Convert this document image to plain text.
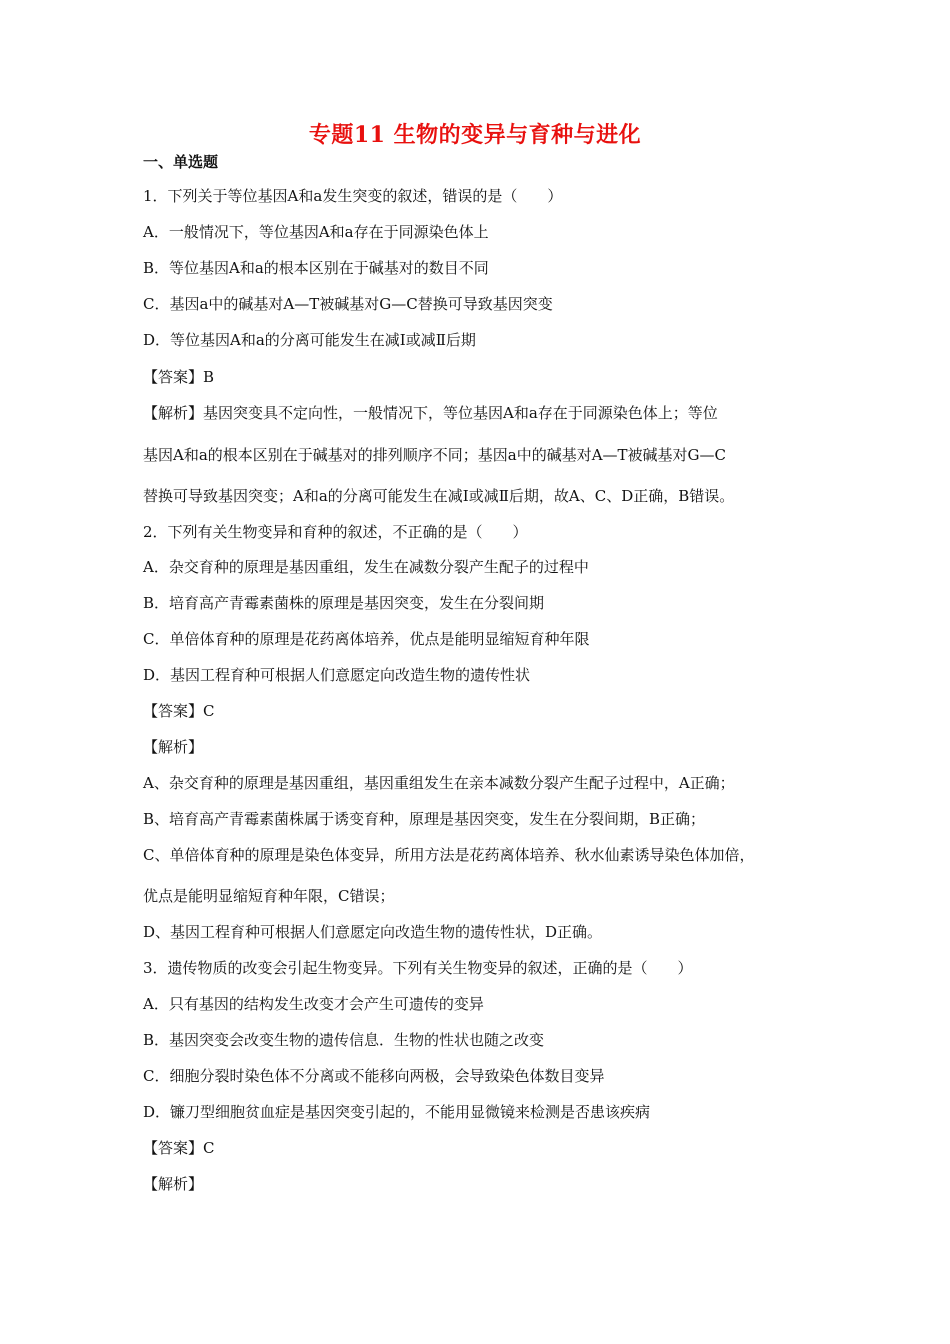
专题11 生物的变异与育种与进化
一、单选题
1．下列关于等位基因A和a发生突变的叙述，错误的是（　　）
A．一般情况下，等位基因A和a存在于同源染色体上
B．等位基因A和a的根本区别在于碱基对的数目不同
C．基因a中的碱基对A—T被碱基对G—C替换可导致基因突变
D．等位基因A和a的分离可能发生在减Ⅰ或减Ⅱ后期
【答案】B
【解析】基因突变具不定向性，一般情况下，等位基因A和a存在于同源染色体上；等位
基因A和a的根本区别在于碱基对的排列顺序不同；基因a中的碱基对A—T被碱基对G—C
替换可导致基因突变；A和a的分离可能发生在减Ⅰ或减Ⅱ后期，故A、C、D正确，B错误。
2．下列有关生物变异和育种的叙述，不正确的是（　　）
A．杂交育种的原理是基因重组，发生在减数分裂产生配子的过程中
B．培育高产青霉素菌株的原理是基因突变，发生在分裂间期
C．单倍体育种的原理是花药离体培养，优点是能明显缩短育种年限
D．基因工程育种可根据人们意愿定向改造生物的遗传性状
【答案】C
【解析】
A、杂交育种的原理是基因重组，基因重组发生在亲本减数分裂产生配子过程中，A正确；
B、培育高产青霉素菌株属于诱变育种，原理是基因突变，发生在分裂间期，B正确；
C、单倍体育种的原理是染色体变异，所用方法是花药离体培养、秋水仙素诱导染色体加倍，
优点是能明显缩短育种年限，C错误；
D、基因工程育种可根据人们意愿定向改造生物的遗传性状，D正确。
3．遗传物质的改变会引起生物变异。下列有关生物变异的叙述，正确的是（　　）
A．只有基因的结构发生改变才会产生可遗传的变异
B．基因突变会改变生物的遗传信息．生物的性状也随之改变
C．细胞分裂时染色体不分离或不能移向两极，会导致染色体数目变异
D．镰刀型细胞贫血症是基因突变引起的，不能用显微镜来检测是否患该疾病
【答案】C
【解析】
